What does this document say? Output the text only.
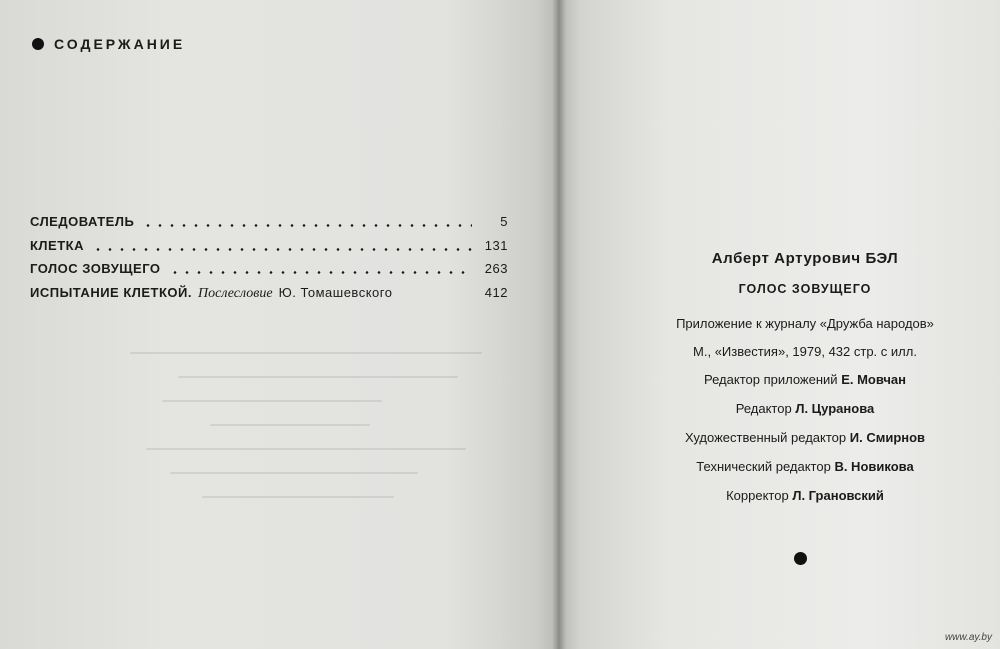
СОДЕРЖАНИЕ
СЛЕДОВАТЕЛЬ	5
КЛЕТКА	131
ГОЛОС ЗОВУЩЕГО	263
ИСПЫТАНИЕ КЛЕТКОЙ. Послесловие Ю. Томашевского	412

Алберт Артурович БЭЛ

ГОЛОС ЗОВУЩЕГО

Приложение к журналу «Дружба народов»

М., «Известия», 1979, 432 стр. с илл.

Редактор приложений Е. Мовчан

Редактор Л. Цуранова

Художественный редактор И. Смирнов

Технический редактор В. Новикова

Корректор Л. Грановский

www.ay.by
